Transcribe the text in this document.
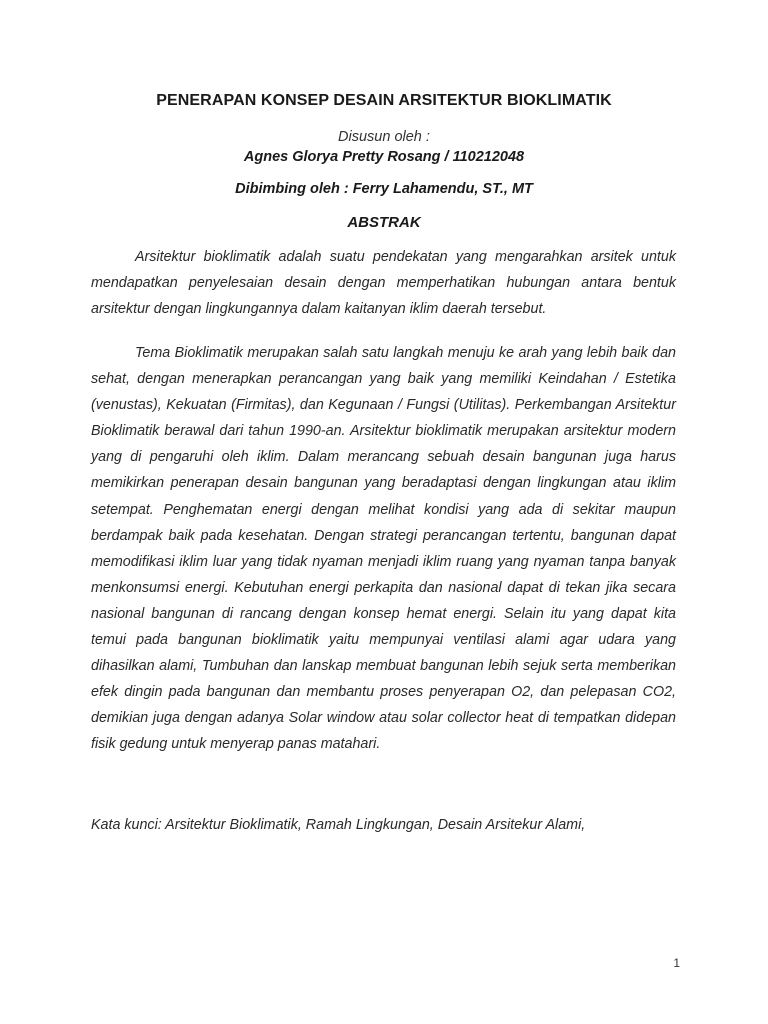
PENERAPAN KONSEP DESAIN ARSITEKTUR BIOKLIMATIK
Disusun oleh :
Agnes Glorya Pretty Rosang / 110212048
Dibimbing oleh : Ferry Lahamendu, ST., MT
ABSTRAK

Arsitektur bioklimatik adalah suatu pendekatan yang mengarahkan arsitek untuk mendapatkan penyelesaian desain dengan memperhatikan hubungan antara bentuk arsitektur dengan lingkungannya dalam kaitanyan iklim daerah tersebut.

Tema Bioklimatik merupakan salah satu langkah menuju ke arah yang lebih baik dan sehat, dengan menerapkan perancangan yang baik yang memiliki Keindahan / Estetika (venustas), Kekuatan (Firmitas), dan Kegunaan / Fungsi (Utilitas). Perkembangan Arsitektur Bioklimatik berawal dari tahun 1990-an. Arsitektur bioklimatik merupakan arsitektur modern yang di pengaruhi oleh iklim. Dalam merancang sebuah desain bangunan juga harus memikirkan penerapan desain bangunan yang beradaptasi dengan lingkungan atau iklim setempat. Penghematan energi dengan melihat kondisi yang ada di sekitar maupun berdampak baik pada kesehatan. Dengan strategi perancangan tertentu, bangunan dapat memodifikasi iklim luar yang tidak nyaman menjadi iklim ruang yang nyaman tanpa banyak menkonsumsi energi. Kebutuhan energi perkapita dan nasional dapat di tekan jika secara nasional bangunan di rancang dengan konsep hemat energi. Selain itu yang dapat kita temui pada bangunan bioklimatik yaitu mempunyai ventilasi alami agar udara yang dihasilkan alami, Tumbuhan dan lanskap membuat bangunan lebih sejuk serta memberikan efek dingin pada bangunan dan membantu proses penyerapan O2, dan pelepasan CO2, demikian juga dengan adanya Solar window atau solar collector heat di tempatkan didepan fisik gedung untuk menyerap panas matahari.

Kata kunci: Arsitektur Bioklimatik, Ramah Lingkungan, Desain Arsitekur Alami,

1
